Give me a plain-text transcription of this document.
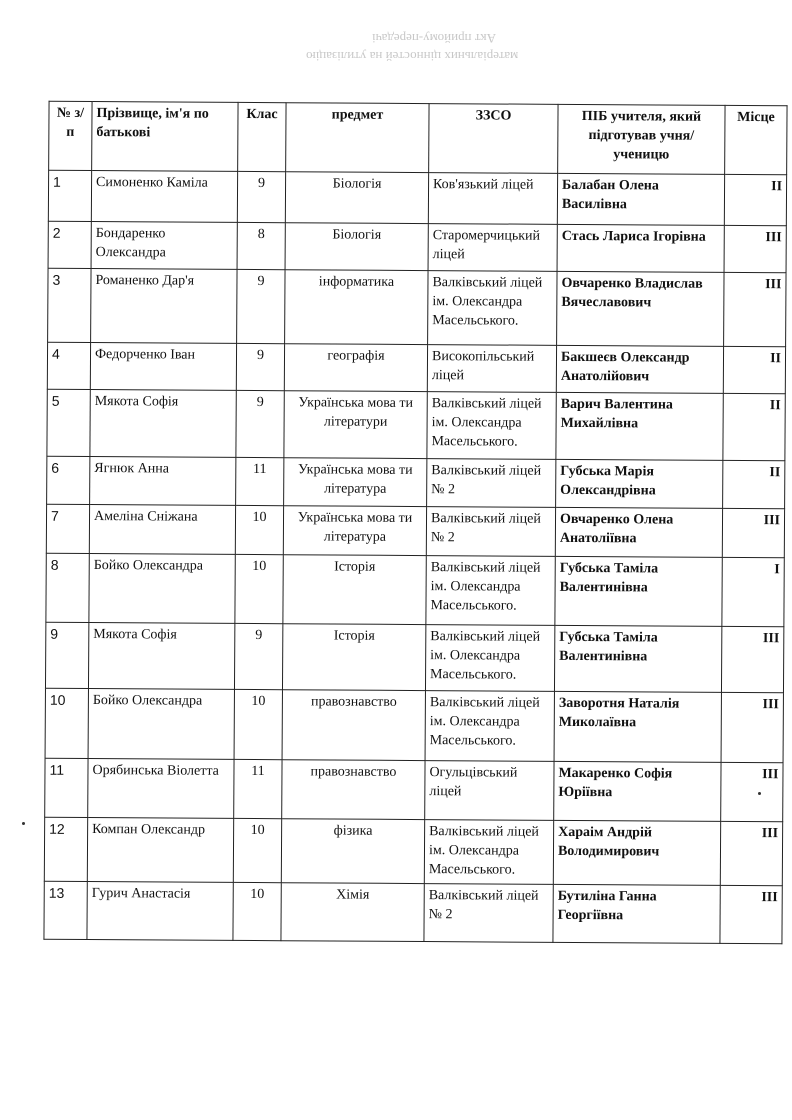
Акт прийому-передачі
матеріальних цінностей на утилізацію
№ з/п	Прізвище, ім'я по батькові	Клас	предмет	ЗЗСО	ПІБ учителя, який підготував учня/ученицю	Місце
1	Симоненко Каміла	9	Біологія	Ков'язький ліцей	Балабан Олена Василівна	II
2	Бондаренко Олександра	8	Біологія	Старомерчицький ліцей	Стась Лариса Ігорівна	III
3	Романенко Дар'я	9	інформатика	Валківський ліцей ім. Олександра Масельського.	Овчаренко Владислав Вячеславович	III
4	Федорченко Іван	9	географія	Високопільський ліцей	Бакшеєв Олександр Анатолійович	II
5	Мякота Софія	9	Українська мова ти літератури	Валківський ліцей ім. Олександра Масельського.	Варич Валентина Михайлівна	II
6	Ягнюк Анна	11	Українська мова ти література	Валківський ліцей № 2	Губська Марія Олександрівна	II
7	Амеліна Сніжана	10	Українська мова ти література	Валківський ліцей № 2	Овчаренко Олена Анатоліївна	III
8	Бойко Олександра	10	Історія	Валківський ліцей ім. Олександра Масельського.	Губська Таміла Валентинівна	I
9	Мякота Софія	9	Історія	Валківський ліцей ім. Олександра Масельського.	Губська Таміла Валентинівна	III
10	Бойко Олександра	10	правознавство	Валківський ліцей ім. Олександра Масельського.	Заворотня Наталія Миколаївна	III
11	Орябинська Віолетта	11	правознавство	Огульцівський ліцей	Макаренко Софія Юріївна	III
12	Компан Олександр	10	фізика	Валківський ліцей ім. Олександра Масельського.	Хараім Андрій Володимирович	III
13	Гурич Анастасія	10	Хімія	Валківський ліцей № 2	Бутиліна Ганна Георгіївна	III
